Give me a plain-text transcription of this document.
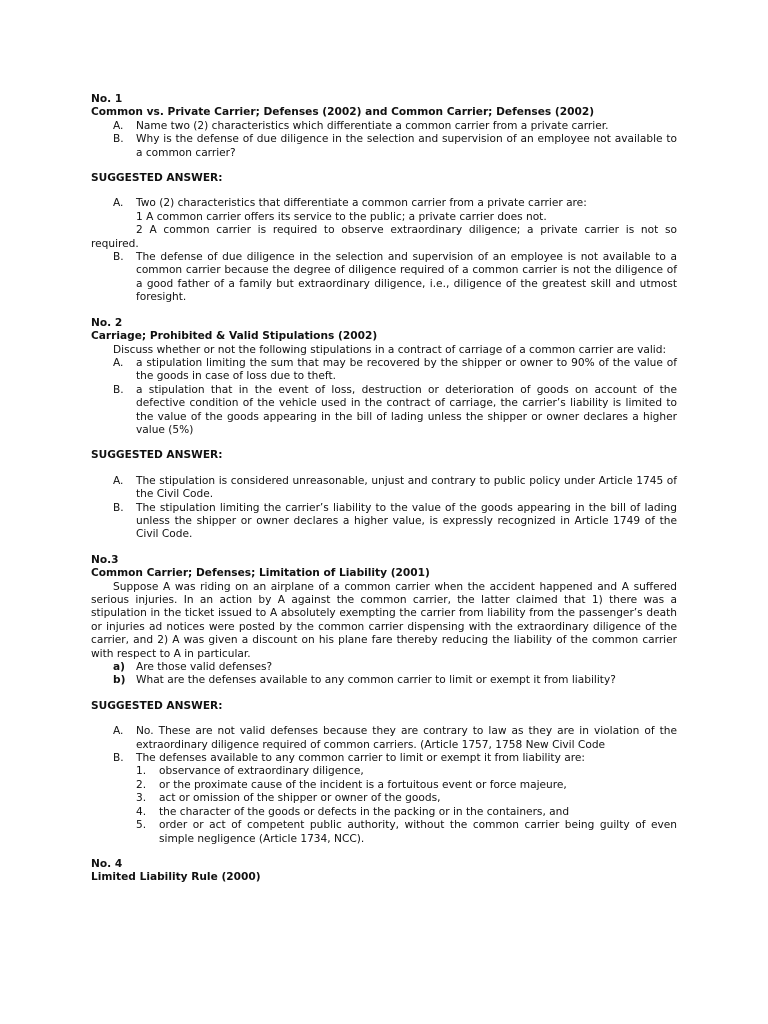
No. 1
Common vs. Private Carrier; Defenses (2002) and Common Carrier; Defenses (2002)
A. Name two (2) characteristics which differentiate a common carrier from a private carrier.
B. Why is the defense of due diligence in the selection and supervision of an employee not available to a common carrier?
SUGGESTED ANSWER:
A. Two (2) characteristics that differentiate a common carrier from a private carrier are:
1 A common carrier offers its service to the public; a private carrier does not.
2 A common carrier is required to observe extraordinary diligence; a private carrier is not so required.
B. The defense of due diligence in the selection and supervision of an employee is not available to a common carrier because the degree of diligence required of a common carrier is not the diligence of a good father of a family but extraordinary diligence, i.e., diligence of the greatest skill and utmost foresight.
No. 2
Carriage; Prohibited & Valid Stipulations (2002)
Discuss whether or not the following stipulations in a contract of carriage of a common carrier are valid:
A. a stipulation limiting the sum that may be recovered by the shipper or owner to 90% of the value of the goods in case of loss due to theft.
B. a stipulation that in the event of loss, destruction or deterioration of goods on account of the defective condition of the vehicle used in the contract of carriage, the carrier’s liability is limited to the value of the goods appearing in the bill of lading unless the shipper or owner declares a higher value (5%)
SUGGESTED ANSWER:
A. The stipulation is considered unreasonable, unjust and contrary to public policy under Article 1745 of the Civil Code.
B. The stipulation limiting the carrier’s liability to the value of the goods appearing in the bill of lading unless the shipper or owner declares a higher value, is expressly recognized in Article 1749 of the Civil Code.
No.3
Common Carrier; Defenses; Limitation of Liability (2001)
Suppose A was riding on an airplane of a common carrier when the accident happened and A suffered serious injuries. In an action by A against the common carrier, the latter claimed that 1) there was a stipulation in the ticket issued to A absolutely exempting the carrier from liability from the passenger’s death or injuries ad notices were posted by the common carrier dispensing with the extraordinary diligence of the carrier, and 2) A was given a discount on his plane fare thereby reducing the liability of the common carrier with respect to A in particular.
a) Are those valid defenses?
b) What are the defenses available to any common carrier to limit or exempt it from liability?
SUGGESTED ANSWER:
A. No. These are not valid defenses because they are contrary to law as they are in violation of the extraordinary diligence required of common carriers. (Article 1757, 1758 New Civil Code
B. The defenses available to any common carrier to limit or exempt it from liability are:
1. observance of extraordinary diligence,
2. or the proximate cause of the incident is a fortuitous event or force majeure,
3. act or omission of the shipper or owner of the goods,
4. the character of the goods or defects in the packing or in the containers, and
5. order or act of competent public authority, without the common carrier being guilty of even simple negligence (Article 1734, NCC).
No. 4
Limited Liability Rule (2000)
